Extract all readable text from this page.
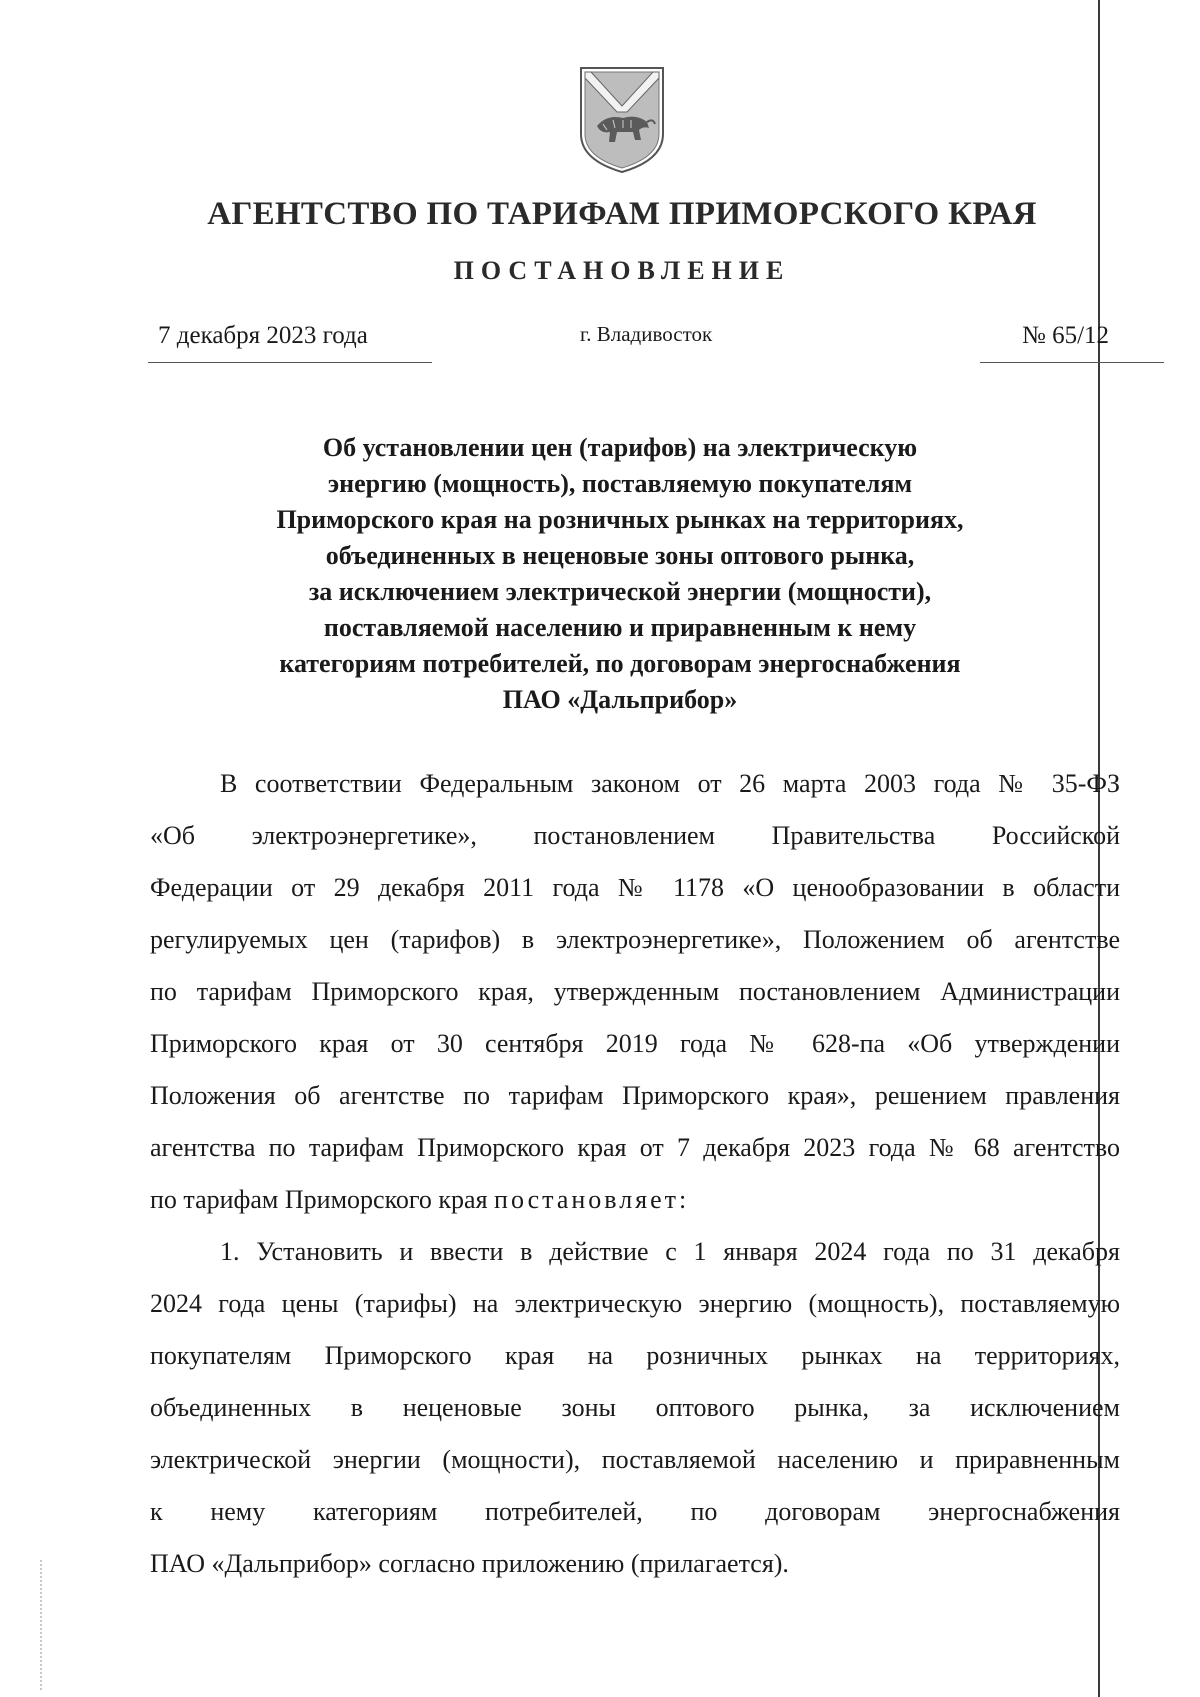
АГЕНТСТВО ПО ТАРИФАМ ПРИМОРСКОГО КРАЯ
ПОСТАНОВЛЕНИЕ
7 декабря 2023 года	г. Владивосток	№ 65/12
Об установлении цен (тарифов) на электрическую
энергию (мощность), поставляемую покупателям
Приморского края на розничных рынках на территориях,
объединенных в неценовые зоны оптового рынка,
за исключением электрической энергии (мощности),
поставляемой населению и приравненным к нему
категориям потребителей, по договорам энергоснабжения
ПАО «Дальприбор»
В соответствии Федеральным законом от 26 марта 2003 года № 35-ФЗ
«Об электроэнергетике», постановлением Правительства Российской
Федерации от 29 декабря 2011 года № 1178 «О ценообразовании в области
регулируемых цен (тарифов) в электроэнергетике», Положением об агентстве
по тарифам Приморского края, утвержденным постановлением Администрации
Приморского края от 30 сентября 2019 года № 628-па «Об утверждении
Положения об агентстве по тарифам Приморского края», решением правления
агентства по тарифам Приморского края от 7 декабря 2023 года № 68 агентство
по тарифам Приморского края постановляет:
1. Установить и ввести в действие с 1 января 2024 года по 31 декабря
2024 года цены (тарифы) на электрическую энергию (мощность), поставляемую
покупателям Приморского края на розничных рынках на территориях,
объединенных в неценовые зоны оптового рынка, за исключением
электрической энергии (мощности), поставляемой населению и приравненным
к нему категориям потребителей, по договорам энергоснабжения
ПАО «Дальприбор» согласно приложению (прилагается).
